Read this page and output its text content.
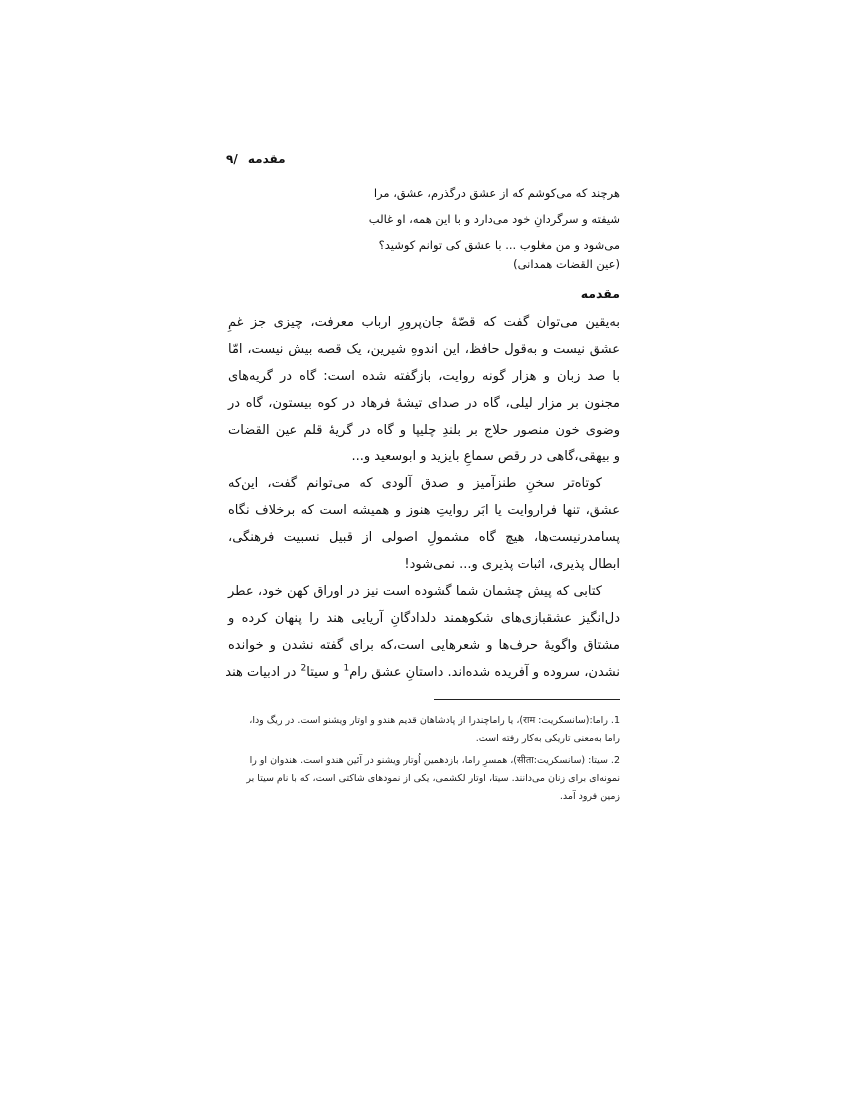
۹/ مقدمه
هرچند که می‌کوشم که از عشق درگذرم، عشق، مرا
شیفته و سرگردانِ خود می‌دارد و با این همه، او غالب
می‌شود و من مغلوب ... با عشق کی توانم کوشید؟
(عین القضات همدانی)
مقدمه
به‌یقین می‌توان گفت که قصّهٔ جان‌پرورِ ارباب معرفت، چیزی جز غمِ
عشق نیست و به‌قول حافظ، این اندوهِ شیرین، یک قصه بیش نیست، امّا
با صد زبان و هزار گونه روایت، بازگفته شده است: گاه در گریه‌های
مجنون بر مزار لیلی، گاه در صدای تیشهٔ فرهاد در کوه بیستون، گاه در
وضوی خون منصور حلاج بر بلندِ چلیپا و گاه در گریهٔ قلم عین القضات
و بیهقی،گاهی در رقص سماعِ بایزید و ابوسعید و...
کوتاه‌تر سخنِ طنزآمیز و صدق آلودی که می‌توانم گفت، این‌که
عشق، تنها فراروایت یا ابَر روایتِ هنوز و همیشه است که برخلاف نگاه
پسامدرنیست‌ها، هیچ گاه مشمولِ اصولی از قبیل نسبیت فرهنگی،
ابطال پذیری، اثبات پذیری و... نمی‌شود!
کتابی که پیش چشمان شما گشوده است نیز در اوراق کهن خود، عطر
دل‌انگیز عشقبازی‌های شکوهمند دلدادگانِ آریایی هند را پنهان کرده و
مشتاق واگویهٔ حرف‌ها و شعرهایی است،که برای گفته نشدن و خوانده
نشدن، سروده و آفریده شده‌اند. داستانِ عشق رام$^1$ و سیتا$^2$ در ادبیات هند
1.راما:(سانسکریت: राम)، یا راماچندرا از پادشاهان قدیم هندو و اوتار ویشنو است. در ریگ ودا،
راما به‌معنی تاریکی به‌کار رفته است.
2.سیتا: (سانسکریت:सीता)، همسرِ راما، بازدهمین اُوتار ویشنو در آئین هندو است. هندوان او را
نمونه‌ای برای زنان می‌دانند. سیتا، اوتار لکشمی، یکی از نمودهای شاکتی است، که با نام سیتا بر
زمین فرود آمد.
